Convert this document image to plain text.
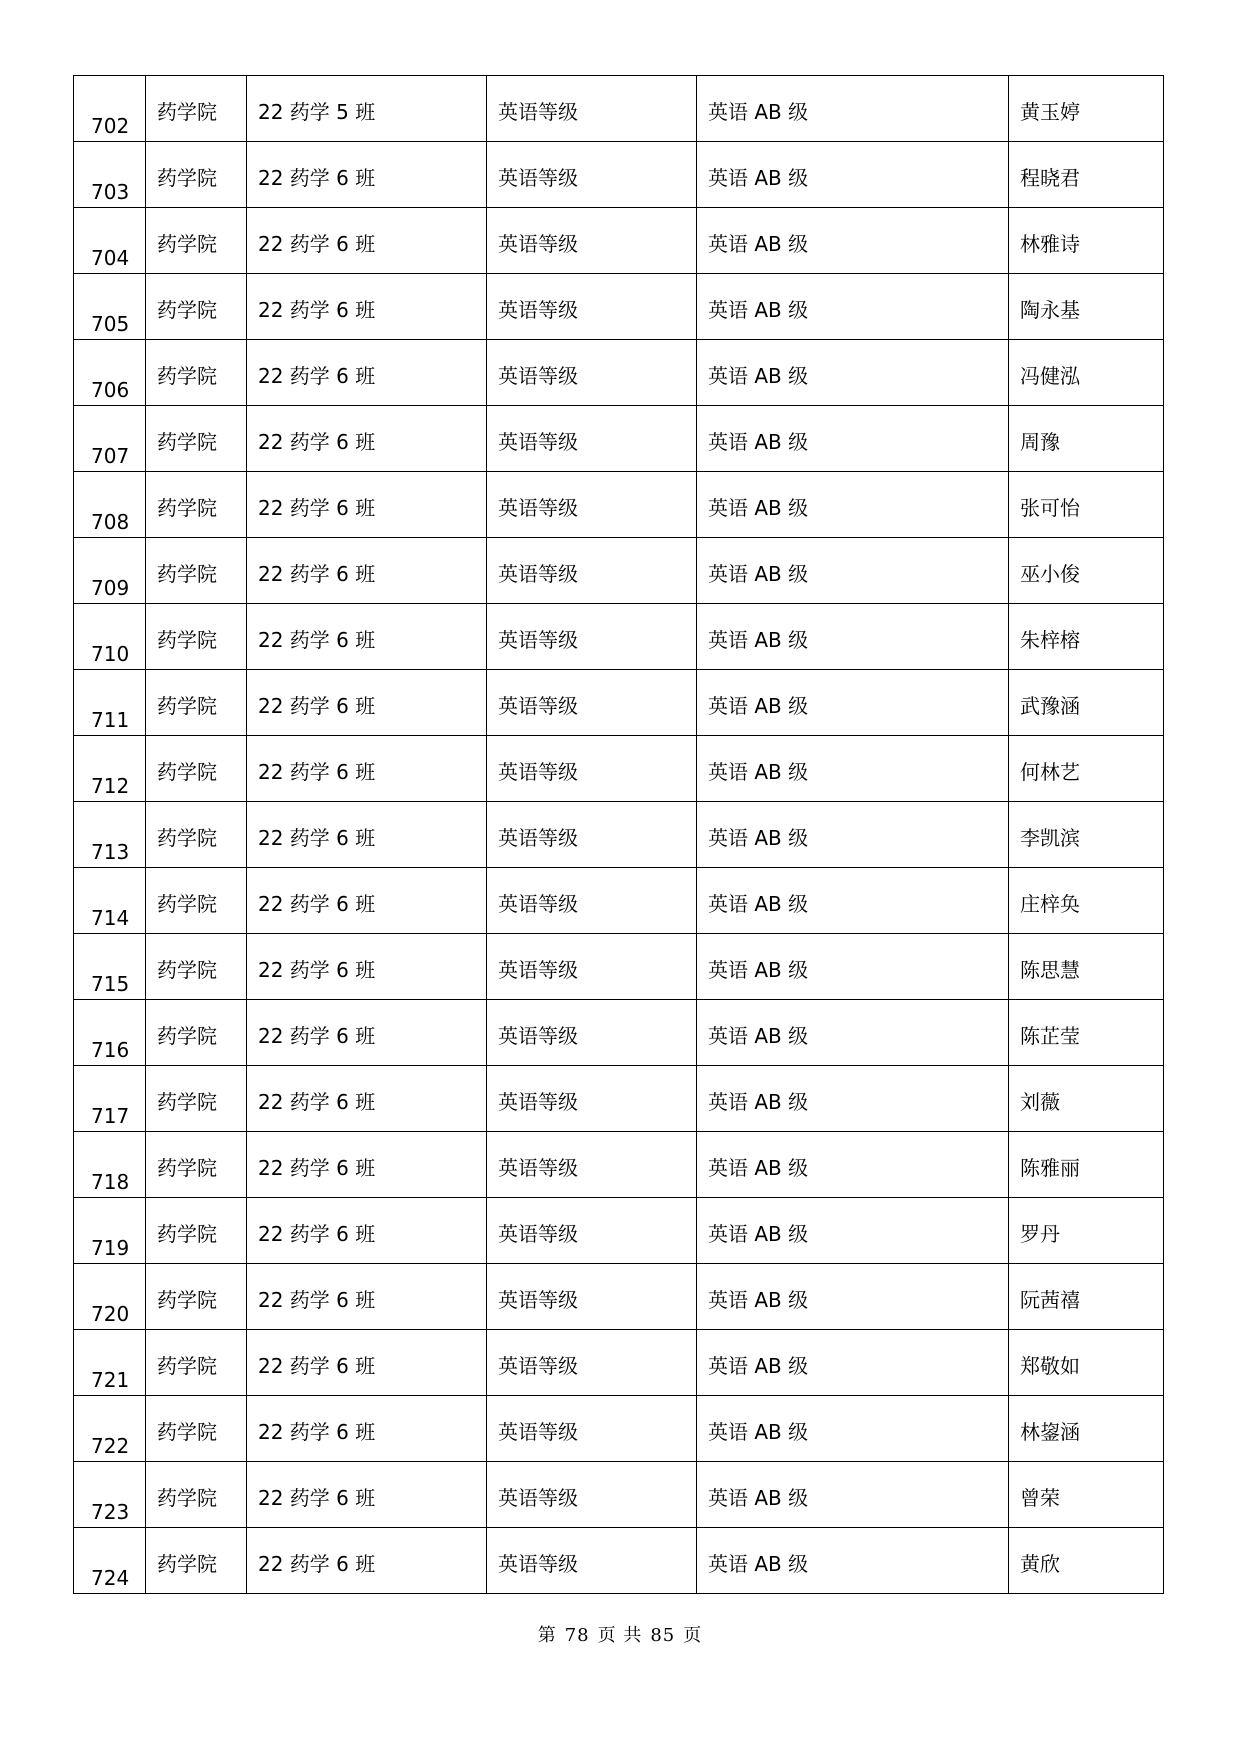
702	药学院	22 药学 5 班	英语等级	英语 AB 级	黄玉婷

703	药学院	22 药学 6 班	英语等级	英语 AB 级	程晓君

704	药学院	22 药学 6 班	英语等级	英语 AB 级	林雅诗

705	药学院	22 药学 6 班	英语等级	英语 AB 级	陶永基

706	药学院	22 药学 6 班	英语等级	英语 AB 级	冯健泓

707	药学院	22 药学 6 班	英语等级	英语 AB 级	周豫

708	药学院	22 药学 6 班	英语等级	英语 AB 级	张可怡

709	药学院	22 药学 6 班	英语等级	英语 AB 级	巫小俊

710	药学院	22 药学 6 班	英语等级	英语 AB 级	朱梓榕

711	药学院	22 药学 6 班	英语等级	英语 AB 级	武豫涵

712	药学院	22 药学 6 班	英语等级	英语 AB 级	何林艺

713	药学院	22 药学 6 班	英语等级	英语 AB 级	李凯滨

714	药学院	22 药学 6 班	英语等级	英语 AB 级	庄梓奂

715	药学院	22 药学 6 班	英语等级	英语 AB 级	陈思慧

716	药学院	22 药学 6 班	英语等级	英语 AB 级	陈芷莹

717	药学院	22 药学 6 班	英语等级	英语 AB 级	刘薇

718	药学院	22 药学 6 班	英语等级	英语 AB 级	陈雅丽

719	药学院	22 药学 6 班	英语等级	英语 AB 级	罗丹

720	药学院	22 药学 6 班	英语等级	英语 AB 级	阮茜禧

721	药学院	22 药学 6 班	英语等级	英语 AB 级	郑敬如

722	药学院	22 药学 6 班	英语等级	英语 AB 级	林鋆涵

723	药学院	22 药学 6 班	英语等级	英语 AB 级	曾荣

724	药学院	22 药学 6 班	英语等级	英语 AB 级	黄欣
第 78 页 共 85 页
